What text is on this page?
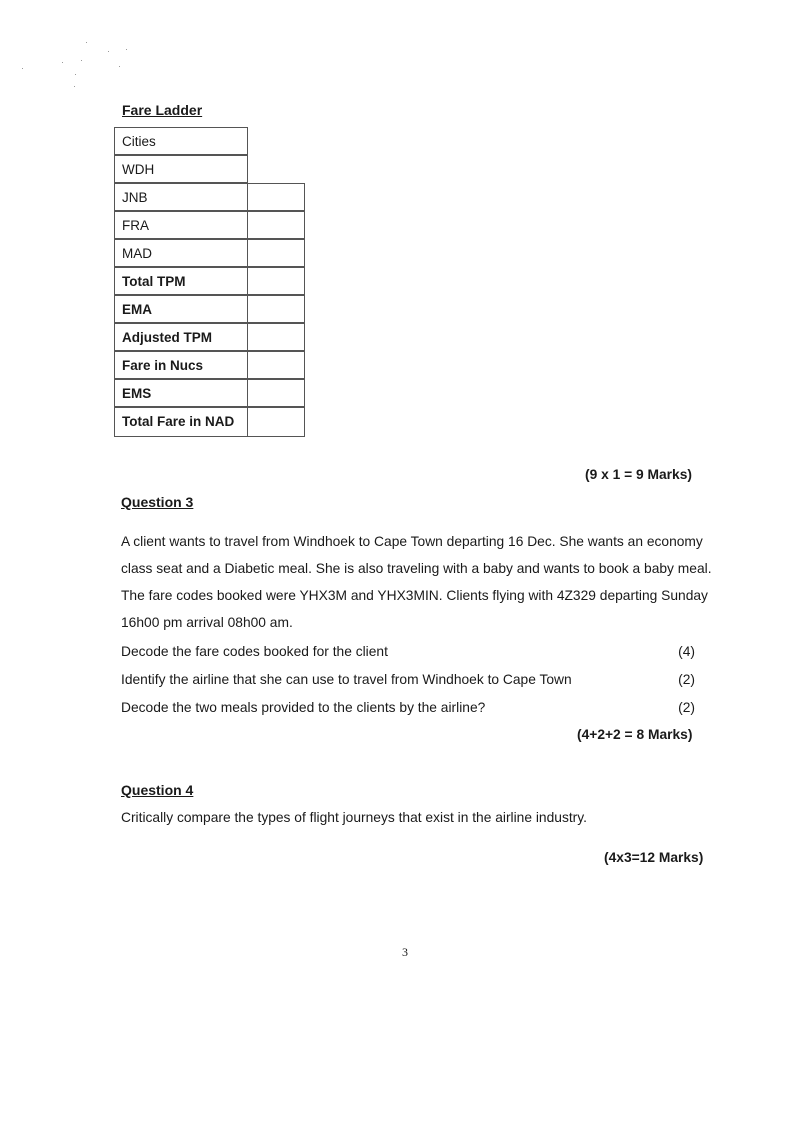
Fare Ladder
Cities
WDH
JNB
FRA
MAD
Total TPM
EMA
Adjusted TPM
Fare in Nucs
EMS
Total Fare in NAD
(9 x 1 = 9 Marks)
Question 3
A client wants to travel from Windhoek to Cape Town departing 16 Dec. She wants an economy
class seat and a Diabetic meal. She is also traveling with a baby and wants to book a baby meal.
The fare codes booked were YHX3M and YHX3MIN. Clients flying with 4Z329 departing Sunday
16h00 pm arrival 08h00 am.
Decode the fare codes booked for the client	(4)
Identify the airline that she can use to travel from Windhoek to Cape Town	(2)
Decode the two meals provided to the clients by the airline?	(2)
(4+2+2 = 8 Marks)
Question 4
Critically compare the types of flight journeys that exist in the airline industry.
(4x3=12 Marks)
3
